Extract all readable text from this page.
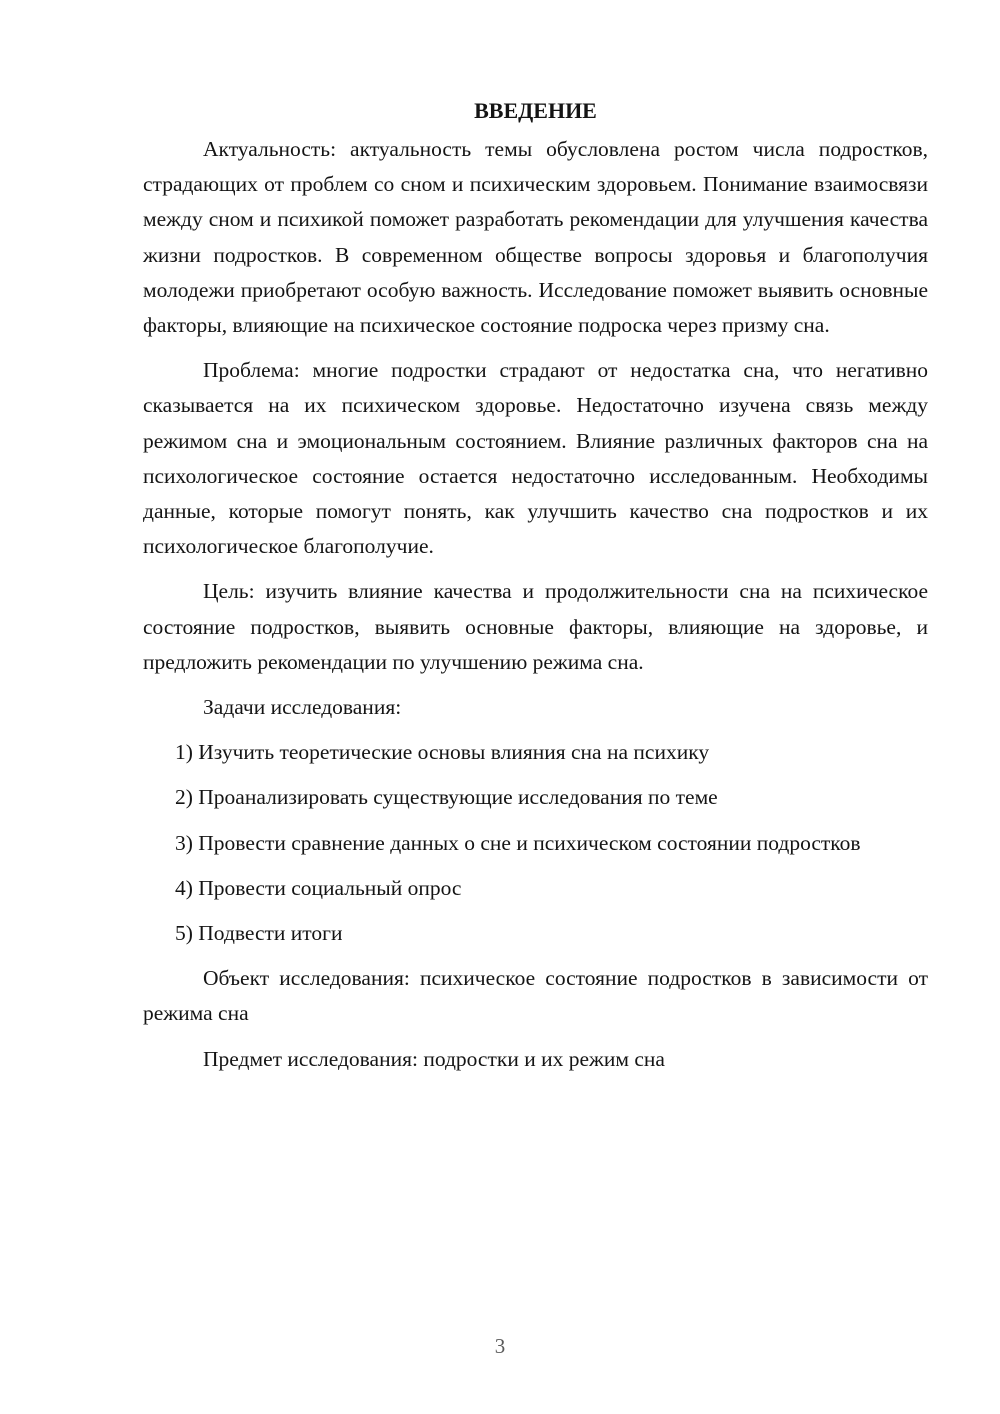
ВВЕДЕНИЕ

Актуальность: актуальность темы обусловлена ростом числа подростков, страдающих от проблем со сном и психическим здоровьем. Понимание взаимосвязи между сном и психикой поможет разработать рекомендации для улучшения качества жизни подростков. В современном обществе вопросы здоровья и благополучия молодежи приобретают особую важность. Исследование поможет выявить основные факторы, влияющие на психическое состояние подроска через призму сна.

Проблема: многие подростки страдают от недостатка сна, что негативно сказывается на их психическом здоровье. Недостаточно изучена связь между режимом сна и эмоциональным состоянием. Влияние различных факторов сна на психологическое состояние остается недостаточно исследованным. Необходимы данные, которые помогут понять, как улучшить качество сна подростков и их психологическое благополучие.

Цель: изучить влияние качества и продолжительности сна на психическое состояние подростков, выявить основные факторы, влияющие на здоровье, и предложить рекомендации по улучшению режима сна.

Задачи исследования:

1) Изучить теоретические основы влияния сна на психику

2) Проанализировать существующие исследования по теме

3) Провести сравнение данных о сне и психическом состоянии подростков

4) Провести социальный опрос

5) Подвести итоги

Объект исследования: психическое состояние подростков в зависимости от режима сна

Предмет исследования: подростки и их режим сна

3
